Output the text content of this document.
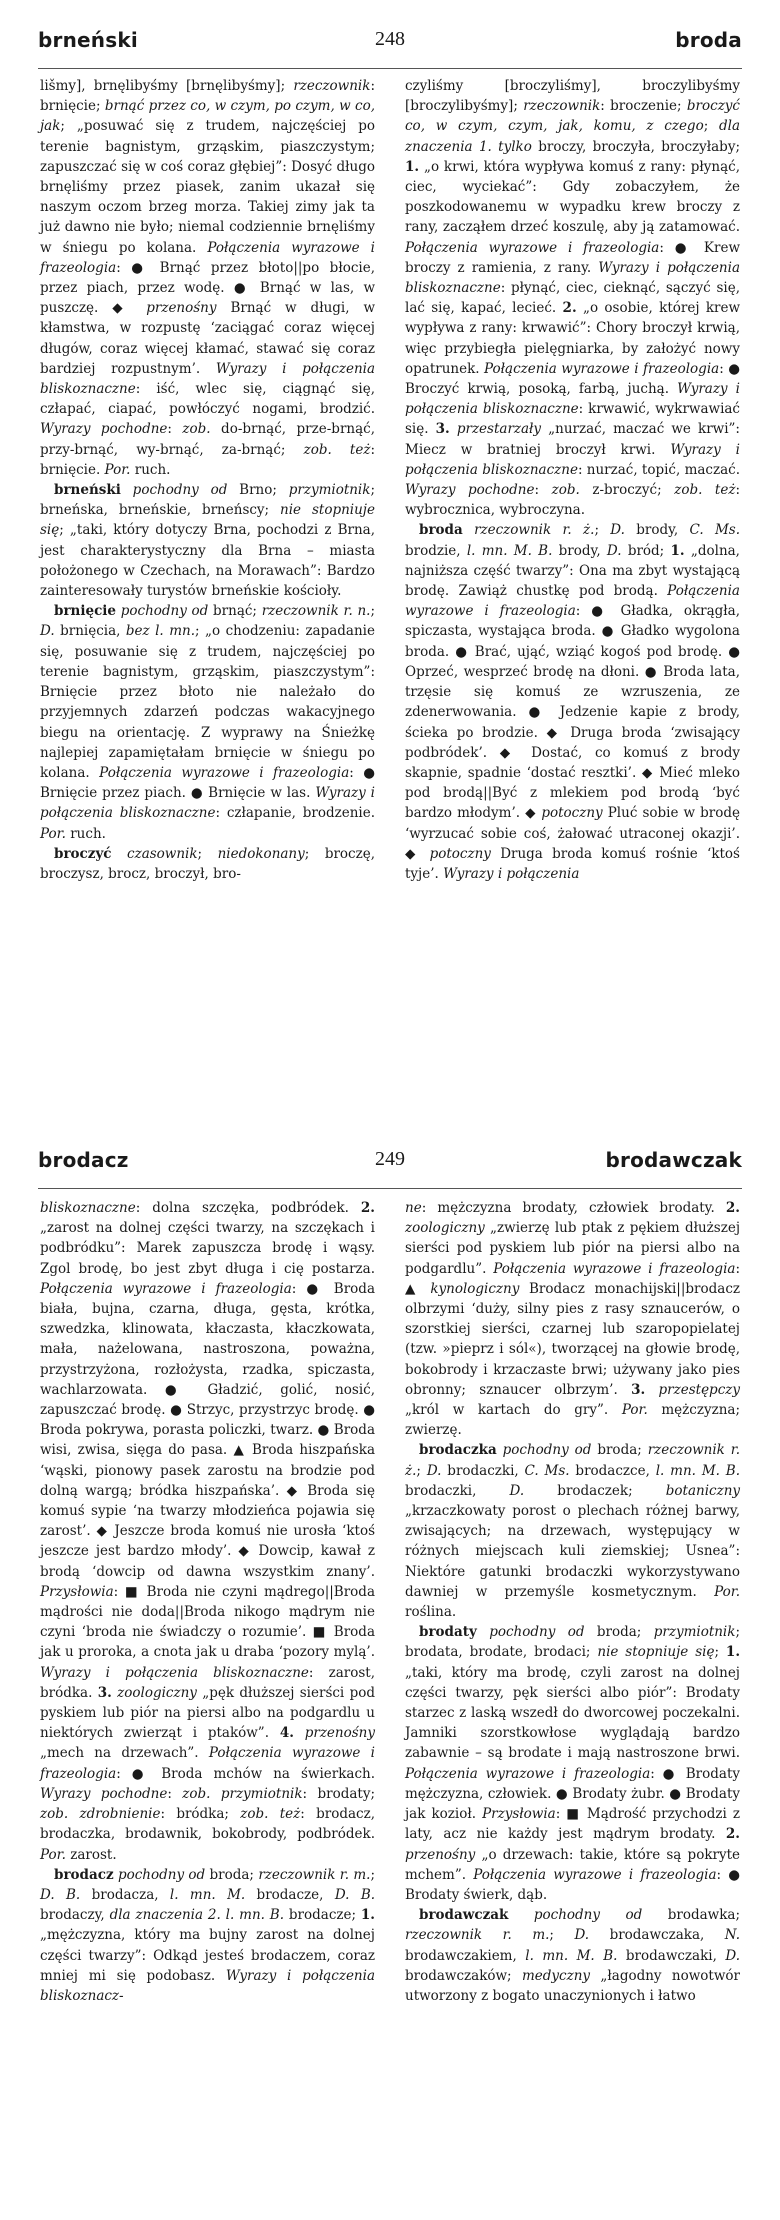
brneński	248	broda

lišmy], brnęlibyśmy [brnęlibyśmy]; rzeczownik: brnięcie; brnąć przez co, w czym, po czym, w co, jak; „posuwać się z trudem, najczęściej po terenie bagnistym, grząskim, piaszczystym; zapuszczać się w coś coraz głębiej”: Dosyć długo brnęliśmy przez piasek, zanim ukazał się naszym oczom brzeg morza. Takiej zimy jak ta już dawno nie było; niemal codziennie brnęliśmy w śniegu po kolana. Połączenia wyrazowe i frazeologia: ● Brnąć przez błoto||po błocie, przez piach, przez wodę. ● Brnąć w las, w puszczę. ◆ przenośny Brnąć w długi, w kłamstwa, w rozpustę ‘zaciągać coraz więcej długów, coraz więcej kłamać, stawać się coraz bardziej rozpustnym’. Wyrazy i połączenia bliskoznaczne: iść, wlec się, ciągnąć się, człapać, ciapać, powłóczyć nogami, brodzić. Wyrazy pochodne: zob. do-brnąć, prze-brnąć, przy-brnąć, wy-brnąć, za-brnąć; zob. też: brnięcie. Por. ruch.

brneński pochodny od Brno; przymiotnik; brneńska, brneńskie, brneńscy; nie stopniuje się; „taki, który dotyczy Brna, pochodzi z Brna, jest charakterystyczny dla Brna – miasta położonego w Czechach, na Morawach”: Bardzo zainteresowały turystów brneńskie kościoły.

brnięcie pochodny od brnąć; rzeczownik r. n.; D. brnięcia, bez l. mn.; „o chodzeniu: zapadanie się, posuwanie się z trudem, najczęściej po terenie bagnistym, grząskim, piaszczystym”: Brnięcie przez błoto nie należało do przyjemnych zdarzeń podczas wakacyjnego biegu na orientację. Z wyprawy na Śnieżkę najlepiej zapamiętałam brnięcie w śniegu po kolana. Połączenia wyrazowe i frazeologia: ● Brnięcie przez piach. ● Brnięcie w las. Wyrazy i połączenia bliskoznaczne: człapanie, brodzenie. Por. ruch.

broczyć czasownik; niedokonany; broczę, broczysz, brocz, broczył, bro-

czyliśmy [broczyliśmy], broczylibyśmy [broczylibyśmy]; rzeczownik: broczenie; broczyć co, w czym, czym, jak, komu, z czego; dla znaczenia 1. tylko broczy, broczyła, broczyłaby; 1. „o krwi, która wypływa komuś z rany: płynąć, ciec, wyciekać”: Gdy zobaczyłem, że poszkodowanemu w wypadku krew broczy z rany, zacząłem drzeć koszulę, aby ją zatamować. Połączenia wyrazowe i frazeologia: ● Krew broczy z ramienia, z rany. Wyrazy i połączenia bliskoznaczne: płynąć, ciec, cieknąć, sączyć się, lać się, kapać, lecieć. 2. „o osobie, której krew wypływa z rany: krwawić”: Chory broczył krwią, więc przybiegła pielęgniarka, by założyć nowy opatrunek. Połączenia wyrazowe i frazeologia: ● Broczyć krwią, posoką, farbą, juchą. Wyrazy i połączenia bliskoznaczne: krwawić, wykrwawiać się. 3. przestarzały „nurzać, maczać we krwi”: Miecz w bratniej broczył krwi. Wyrazy i połączenia bliskoznaczne: nurzać, topić, maczać. Wyrazy pochodne: zob. z-broczyć; zob. też: wybrocznica, wybroczyna.

broda rzeczownik r. ż.; D. brody, C. Ms. brodzie, l. mn. M. B. brody, D. bród; 1. „dolna, najniższa część twarzy”: Ona ma zbyt wystającą brodę. Zawiąż chustkę pod brodą. Połączenia wyrazowe i frazeologia: ● Gładka, okrągła, spiczasta, wystająca broda. ● Gładko wygolona broda. ● Brać, ująć, wziąć kogoś pod brodę. ● Oprzeć, wesprzeć brodę na dłoni. ● Broda lata, trzęsie się komuś ze wzruszenia, ze zdenerwowania. ● Jedzenie kapie z brody, ścieka po brodzie. ◆ Druga broda ‘zwisający podbródek’. ◆ Dostać, co komuś z brody skapnie, spadnie ‘dostać resztki’. ◆ Mieć mleko pod brodą||Być z mlekiem pod brodą ‘być bardzo młodym’. ◆ potoczny Pluć sobie w brodę ‘wyrzucać sobie coś, żałować utraconej okazji’. ◆ potoczny Druga broda komuś rośnie ‘ktoś tyje’. Wyrazy i połączenia

brodacz	249	brodawczak

bliskoznaczne: dolna szczęka, podbródek. 2. „zarost na dolnej części twarzy, na szczękach i podbródku”: Marek zapuszcza brodę i wąsy. Zgol brodę, bo jest zbyt długa i cię postarza. Połączenia wyrazowe i frazeologia: ● Broda biała, bujna, czarna, długa, gęsta, krótka, szwedzka, klinowata, kłaczasta, kłaczkowata, mała, nażelowana, nastroszona, poważna, przystrzyżona, rozłożysta, rzadka, spiczasta, wachlarzowata. ● Gładzić, golić, nosić, zapuszczać brodę. ● Strzyc, przystrzyc brodę. ● Broda pokrywa, porasta policzki, twarz. ● Broda wisi, zwisa, sięga do pasa. ▲ Broda hiszpańska ‘wąski, pionowy pasek zarostu na brodzie pod dolną wargą; bródka hiszpańska’. ◆ Broda się komuś sypie ‘na twarzy młodzieńca pojawia się zarost’. ◆ Jeszcze broda komuś nie urosła ‘ktoś jeszcze jest bardzo młody’. ◆ Dowcip, kawał z brodą ‘dowcip od dawna wszystkim znany’. Przysłowia: ■ Broda nie czyni mądrego||Broda mądrości nie doda||Broda nikogo mądrym nie czyni ‘broda nie świadczy o rozumie’. ■ Broda jak u proroka, a cnota jak u draba ‘pozory mylą’. Wyrazy i połączenia bliskoznaczne: zarost, bródka. 3. zoologiczny „pęk dłuższej sierści pod pyskiem lub piór na piersi albo na podgardlu u niektórych zwierząt i ptaków”. 4. przenośny „mech na drzewach”. Połączenia wyrazowe i frazeologia: ● Broda mchów na świerkach. Wyrazy pochodne: zob. przymiotnik: brodaty; zob. zdrobnienie: bródka; zob. też: brodacz, brodaczka, brodawnik, bokobrody, podbródek. Por. zarost.

brodacz pochodny od broda; rzeczownik r. m.; D. B. brodacza, l. mn. M. brodacze, D. B. brodaczy, dla znaczenia 2. l. mn. B. brodacze; 1. „mężczyzna, który ma bujny zarost na dolnej części twarzy”: Odkąd jesteś brodaczem, coraz mniej mi się podobasz. Wyrazy i połączenia bliskoznacz-

ne: mężczyzna brodaty, człowiek brodaty. 2. zoologiczny „zwierzę lub ptak z pękiem dłuższej sierści pod pyskiem lub piór na piersi albo na podgardlu”. Połączenia wyrazowe i frazeologia: ▲ kynologiczny Brodacz monachijski||brodacz olbrzymi ‘duży, silny pies z rasy sznaucerów, o szorstkiej sierści, czarnej lub szaropopielatej (tzw. »pieprz i sól«), tworzącej na głowie brodę, bokobrody i krzaczaste brwi; używany jako pies obronny; sznaucer olbrzym’. 3. przestępczy „król w kartach do gry”. Por. mężczyzna; zwierzę.

brodaczka pochodny od broda; rzeczownik r. ż.; D. brodaczki, C. Ms. brodaczce, l. mn. M. B. brodaczki, D. brodaczek; botaniczny „krzaczkowaty porost o plechach różnej barwy, zwisających; na drzewach, występujący w różnych miejscach kuli ziemskiej; Usnea”: Niektóre gatunki brodaczki wykorzystywano dawniej w przemyśle kosmetycznym. Por. roślina.

brodaty pochodny od broda; przymiotnik; brodata, brodate, brodaci; nie stopniuje się; 1. „taki, który ma brodę, czyli zarost na dolnej części twarzy, pęk sierści albo piór”: Brodaty starzec z laską wszedł do dworcowej poczekalni. Jamniki szorstkowłose wyglądają bardzo zabawnie – są brodate i mają nastroszone brwi. Połączenia wyrazowe i frazeologia: ● Brodaty mężczyzna, człowiek. ● Brodaty żubr. ● Brodaty jak kozioł. Przysłowia: ■ Mądrość przychodzi z laty, acz nie każdy jest mądrym brodaty. 2. przenośny „o drzewach: takie, które są pokryte mchem”. Połączenia wyrazowe i frazeologia: ● Brodaty świerk, dąb.

brodawczak pochodny od brodawka; rzeczownik r. m.; D. brodawczaka, N. brodawczakiem, l. mn. M. B. brodawczaki, D. brodawczaków; medyczny „łagodny nowotwór utworzony z bogato unaczynionych i łatwo
